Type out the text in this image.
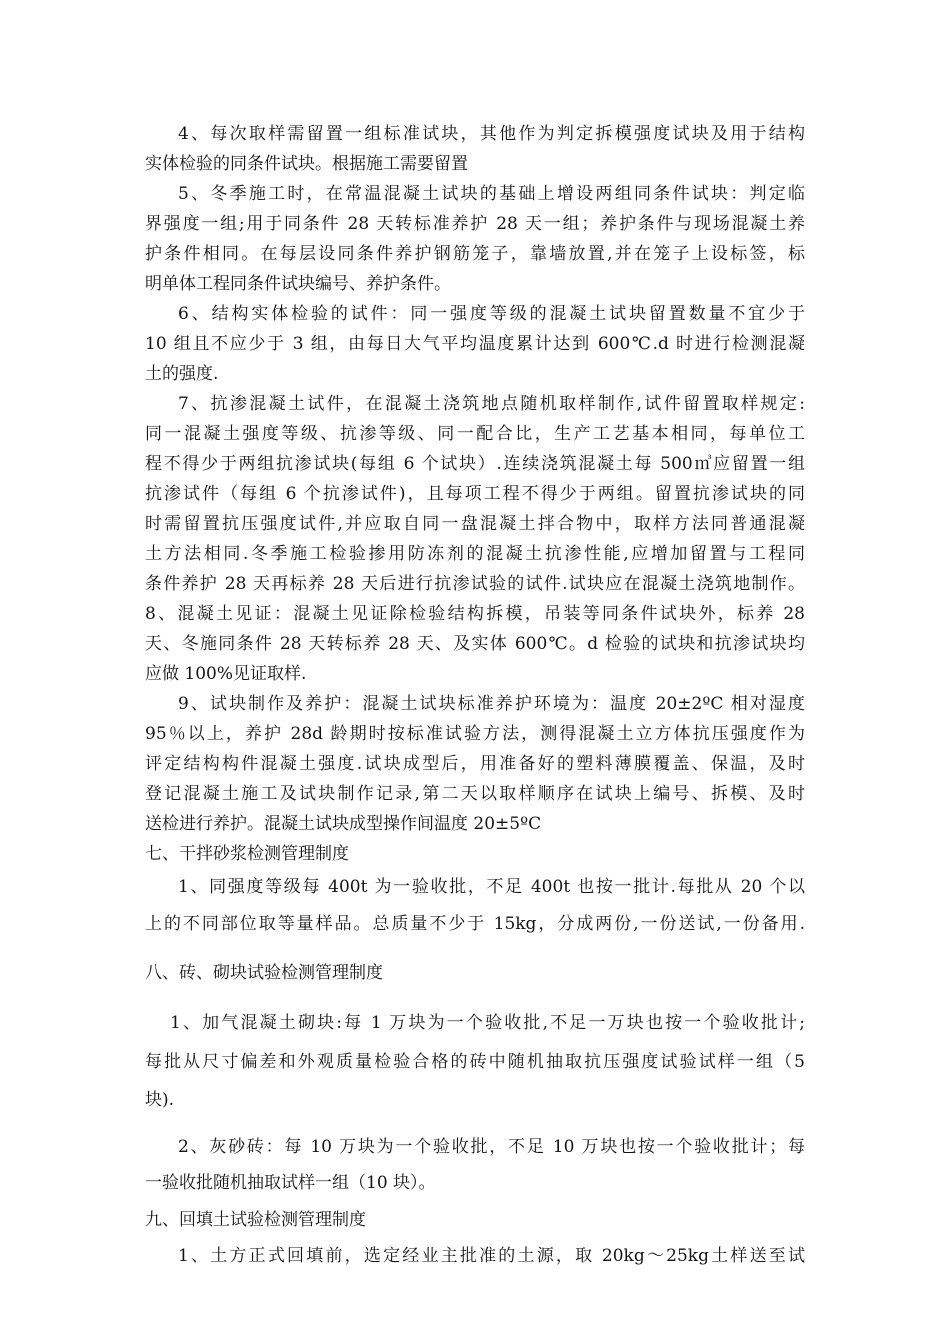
4、每次取样需留置一组标准试块，其他作为判定拆模强度试块及用于结构
实体检验的同条件试块。根据施工需要留置
5、冬季施工时，在常温混凝土试块的基础上增设两组同条件试块：判定临
界强度一组;用于同条件 28 天转标准养护 28 天一组；养护条件与现场混凝土养
护条件相同。在每层设同条件养护钢筋笼子，靠墙放置,并在笼子上设标签，标
明单体工程同条件试块编号、养护条件。
6、结构实体检验的试件：同一强度等级的混凝土试块留置数量不宜少于
10 组且不应少于 3 组，由每日大气平均温度累计达到 600℃.d 时进行检测混凝
土的强度.
7、抗渗混凝土试件，在混凝土浇筑地点随机取样制作,试件留置取样规定:
同一混凝土强度等级、抗渗等级、同一配合比，生产工艺基本相同，每单位工
程不得少于两组抗渗试块(每组 6 个试块）.连续浇筑混凝土每 500㎥应留置一组
抗渗试件（每组 6 个抗渗试件)，且每项工程不得少于两组。留置抗渗试块的同
时需留置抗压强度试件,并应取自同一盘混凝土拌合物中，取样方法同普通混凝
土方法相同.冬季施工检验掺用防冻剂的混凝土抗渗性能,应增加留置与工程同
条件养护 28 天再标养 28 天后进行抗渗试验的试件.试块应在混凝土浇筑地制作。
8、混凝土见证：混凝土见证除检验结构拆模，吊装等同条件试块外，标养 28
天、冬施同条件 28 天转标养 28 天、及实体 600℃。d 检验的试块和抗渗试块均
应做 100%见证取样.
9、试块制作及养护：混凝土试块标准养护环境为：温度 20±2ºC 相对湿度
95％以上，养护 28d 龄期时按标准试验方法，测得混凝土立方体抗压强度作为
评定结构构件混凝土强度.试块成型后，用准备好的塑料薄膜覆盖、保温，及时
登记混凝土施工及试块制作记录,第二天以取样顺序在试块上编号、拆模、及时
送检进行养护。混凝土试块成型操作间温度 20±5ºC
七、干拌砂浆检测管理制度
1、同强度等级每 400t 为一验收批，不足 400t 也按一批计.每批从 20 个以
上的不同部位取等量样品。总质量不少于 15kg，分成两份,一份送试,一份备用.
八、砖、砌块试验检测管理制度
1、加气混凝土砌块:每 1 万块为一个验收批,不足一万块也按一个验收批计;
每批从尺寸偏差和外观质量检验合格的砖中随机抽取抗压强度试验试样一组（5
块).
2、灰砂砖：每 10 万块为一个验收批，不足 10 万块也按一个验收批计；每
一验收批随机抽取试样一组（10 块）。
九、回填土试验检测管理制度
1、土方正式回填前，选定经业主批准的土源，取 20kg～25kg土样送至试
